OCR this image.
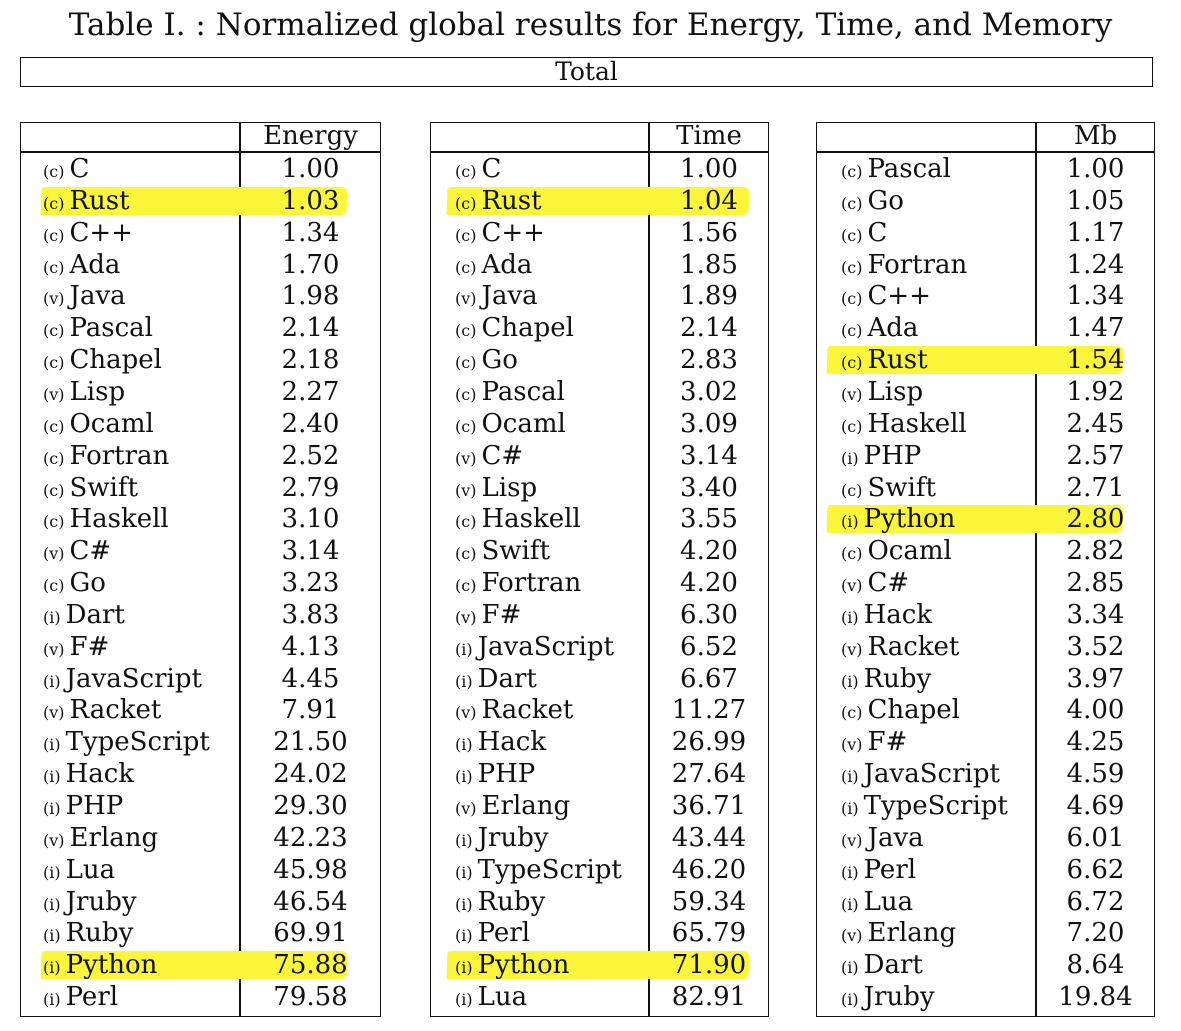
Table I. : Normalized global results for Energy, Time, and Memory
Total
Energy
(c) C	1.00
(c) Rust	1.03
(c) C++	1.34
(c) Ada	1.70
(v) Java	1.98
(c) Pascal	2.14
(c) Chapel	2.18
(v) Lisp	2.27
(c) Ocaml	2.40
(c) Fortran	2.52
(c) Swift	2.79
(c) Haskell	3.10
(v) C#	3.14
(c) Go	3.23
(i) Dart	3.83
(v) F#	4.13
(i) JavaScript	4.45
(v) Racket	7.91
(i) TypeScript	21.50
(i) Hack	24.02
(i) PHP	29.30
(v) Erlang	42.23
(i) Lua	45.98
(i) Jruby	46.54
(i) Ruby	69.91
(i) Python	75.88
(i) Perl	79.58
Time
(c) C	1.00
(c) Rust	1.04
(c) C++	1.56
(c) Ada	1.85
(v) Java	1.89
(c) Chapel	2.14
(c) Go	2.83
(c) Pascal	3.02
(c) Ocaml	3.09
(v) C#	3.14
(v) Lisp	3.40
(c) Haskell	3.55
(c) Swift	4.20
(c) Fortran	4.20
(v) F#	6.30
(i) JavaScript	6.52
(i) Dart	6.67
(v) Racket	11.27
(i) Hack	26.99
(i) PHP	27.64
(v) Erlang	36.71
(i) Jruby	43.44
(i) TypeScript	46.20
(i) Ruby	59.34
(i) Perl	65.79
(i) Python	71.90
(i) Lua	82.91
Mb
(c) Pascal	1.00
(c) Go	1.05
(c) C	1.17
(c) Fortran	1.24
(c) C++	1.34
(c) Ada	1.47
(c) Rust	1.54
(v) Lisp	1.92
(c) Haskell	2.45
(i) PHP	2.57
(c) Swift	2.71
(i) Python	2.80
(c) Ocaml	2.82
(v) C#	2.85
(i) Hack	3.34
(v) Racket	3.52
(i) Ruby	3.97
(c) Chapel	4.00
(v) F#	4.25
(i) JavaScript	4.59
(i) TypeScript	4.69
(v) Java	6.01
(i) Perl	6.62
(i) Lua	6.72
(v) Erlang	7.20
(i) Dart	8.64
(i) Jruby	19.84
